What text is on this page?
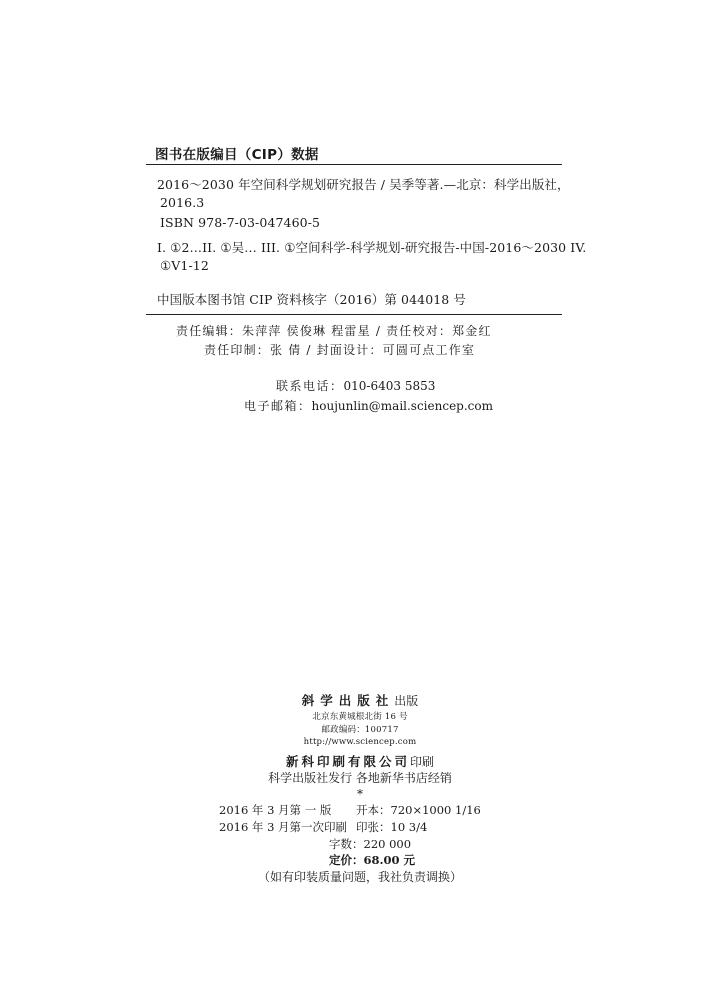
图书在版编目（CIP）数据
2016～2030 年空间科学规划研究报告 / 吴季等著.—北京：科学出版社，
2016.3
ISBN 978-7-03-047460-5
I. ①2…II. ①吴… III. ①空间科学-科学规划-研究报告-中国-2016～2030 IV.
①V1-12
中国版本图书馆 CIP 资料核字（2016）第 044018 号
责任编辑：朱萍萍 侯俊琳 程雷星 / 责任校对：郑金红
责任印制：张 倩 / 封面设计：可圆可点工作室
联系电话：010-6403 5853
电子邮箱：houjunlin@mail.sciencep.com
斜学出版社出版
北京东黄城根北街 16 号
邮政编码：100717
http://www.sciencep.com
新科印刷有限公司印刷
科学出版社发行 各地新华书店经销
*
2016 年 3 月第 一 版 开本：720×1000 1/16
2016 年 3 月第一次印刷 印张：10 3/4
字数：220 000
定价：68.00 元
（如有印装质量问题，我社负责调换）
